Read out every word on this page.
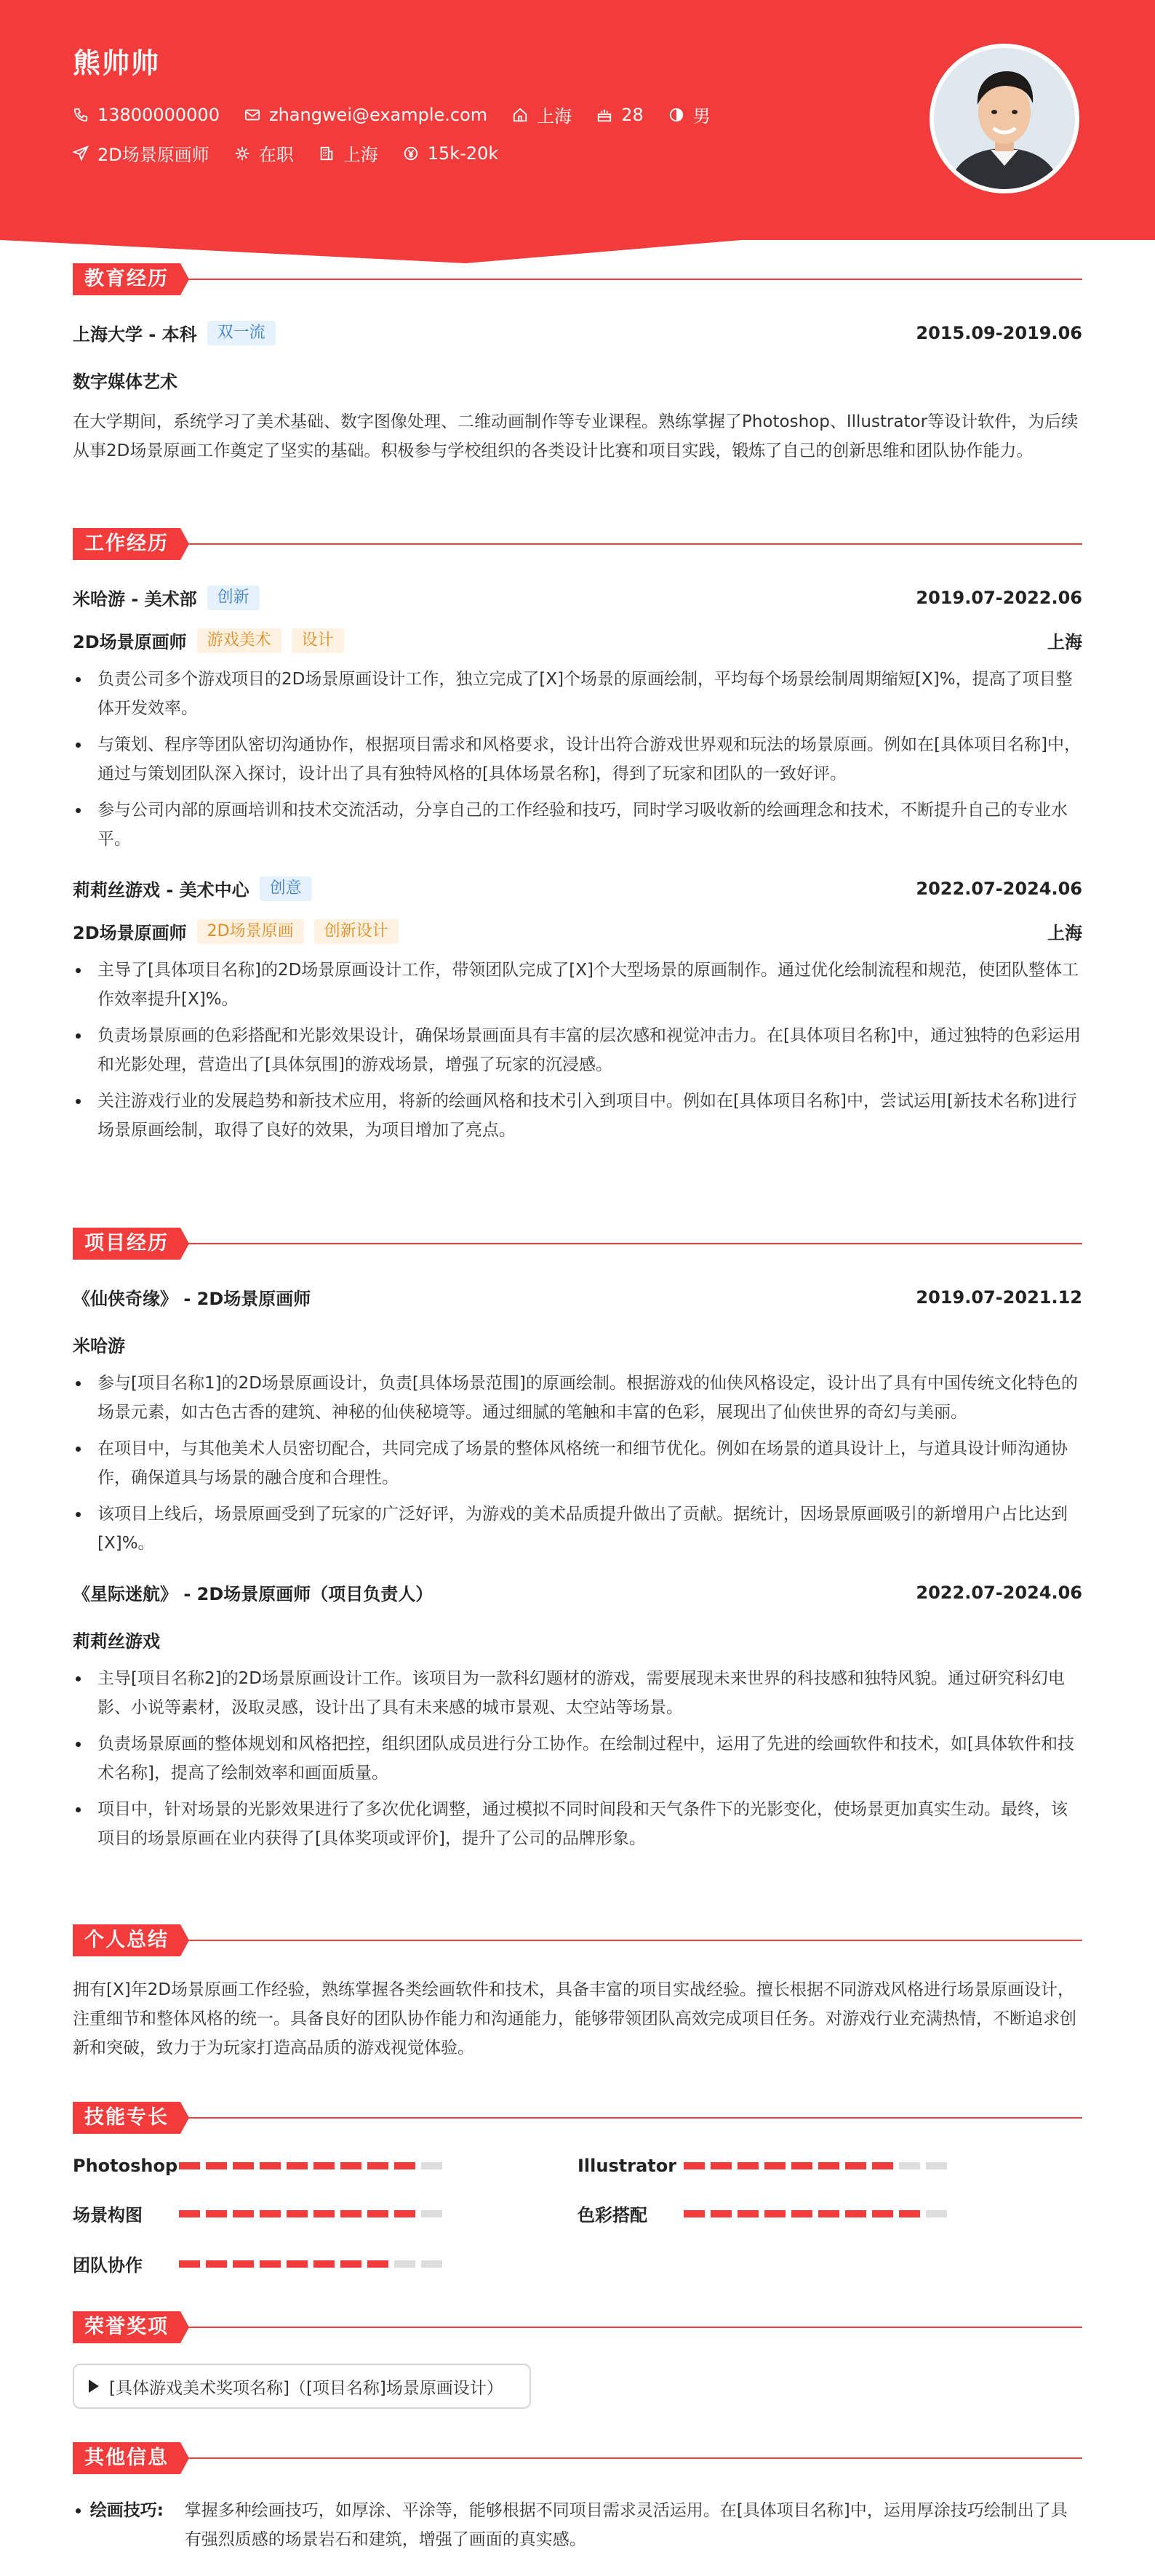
熊帅帅
13800000000	zhangwei@example.com	上海	28	男
2D场景原画师	在职	上海	15k-20k
教育经历
上海大学 - 本科	双一流	2015.09-2019.06
数字媒体艺术
在大学期间，系统学习了美术基础、数字图像处理、二维动画制作等专业课程。熟练掌握了Photoshop、Illustrator等设计软件，为后续从事2D场景原画工作奠定了坚实的基础。积极参与学校组织的各类设计比赛和项目实践，锻炼了自己的创新思维和团队协作能力。
工作经历
米哈游 - 美术部	创新	2019.07-2022.06
2D场景原画师	游戏美术	设计	上海
负责公司多个游戏项目的2D场景原画设计工作，独立完成了[X]个场景的原画绘制，平均每个场景绘制周期缩短[X]%，提高了项目整体开发效率。
与策划、程序等团队密切沟通协作，根据项目需求和风格要求，设计出符合游戏世界观和玩法的场景原画。例如在[具体项目名称]中，通过与策划团队深入探讨，设计出了具有独特风格的[具体场景名称]，得到了玩家和团队的一致好评。
参与公司内部的原画培训和技术交流活动，分享自己的工作经验和技巧，同时学习吸收新的绘画理念和技术，不断提升自己的专业水平。
莉莉丝游戏 - 美术中心	创意	2022.07-2024.06
2D场景原画师	2D场景原画	创新设计	上海
主导了[具体项目名称]的2D场景原画设计工作，带领团队完成了[X]个大型场景的原画制作。通过优化绘制流程和规范，使团队整体工作效率提升[X]%。
负责场景原画的色彩搭配和光影效果设计，确保场景画面具有丰富的层次感和视觉冲击力。在[具体项目名称]中，通过独特的色彩运用和光影处理，营造出了[具体氛围]的游戏场景，增强了玩家的沉浸感。
关注游戏行业的发展趋势和新技术应用，将新的绘画风格和技术引入到项目中。例如在[具体项目名称]中，尝试运用[新技术名称]进行场景原画绘制，取得了良好的效果，为项目增加了亮点。
项目经历
《仙侠奇缘》 - 2D场景原画师	2019.07-2021.12
米哈游
参与[项目名称1]的2D场景原画设计，负责[具体场景范围]的原画绘制。根据游戏的仙侠风格设定，设计出了具有中国传统文化特色的场景元素，如古色古香的建筑、神秘的仙侠秘境等。通过细腻的笔触和丰富的色彩，展现出了仙侠世界的奇幻与美丽。
在项目中，与其他美术人员密切配合，共同完成了场景的整体风格统一和细节优化。例如在场景的道具设计上，与道具设计师沟通协作，确保道具与场景的融合度和合理性。
该项目上线后，场景原画受到了玩家的广泛好评，为游戏的美术品质提升做出了贡献。据统计，因场景原画吸引的新增用户占比达到[X]%。
《星际迷航》 - 2D场景原画师（项目负责人）	2022.07-2024.06
莉莉丝游戏
主导[项目名称2]的2D场景原画设计工作。该项目为一款科幻题材的游戏，需要展现未来世界的科技感和独特风貌。通过研究科幻电影、小说等素材，汲取灵感，设计出了具有未来感的城市景观、太空站等场景。
负责场景原画的整体规划和风格把控，组织团队成员进行分工协作。在绘制过程中，运用了先进的绘画软件和技术，如[具体软件和技术名称]，提高了绘制效率和画面质量。
项目中，针对场景的光影效果进行了多次优化调整，通过模拟不同时间段和天气条件下的光影变化，使场景更加真实生动。最终，该项目的场景原画在业内获得了[具体奖项或评价]，提升了公司的品牌形象。
个人总结
拥有[X]年2D场景原画工作经验，熟练掌握各类绘画软件和技术，具备丰富的项目实战经验。擅长根据不同游戏风格进行场景原画设计，注重细节和整体风格的统一。具备良好的团队协作能力和沟通能力，能够带领团队高效完成项目任务。对游戏行业充满热情，不断追求创新和突破，致力于为玩家打造高品质的游戏视觉体验。
技能专长
Photoshop	Illustrator
场景构图	色彩搭配
团队协作
荣誉奖项
[具体游戏美术奖项名称]（[项目名称]场景原画设计）
其他信息
绘画技巧:	掌握多种绘画技巧，如厚涂、平涂等，能够根据不同项目需求灵活运用。在[具体项目名称]中，运用厚涂技巧绘制出了具有强烈质感的场景岩石和建筑，增强了画面的真实感。
